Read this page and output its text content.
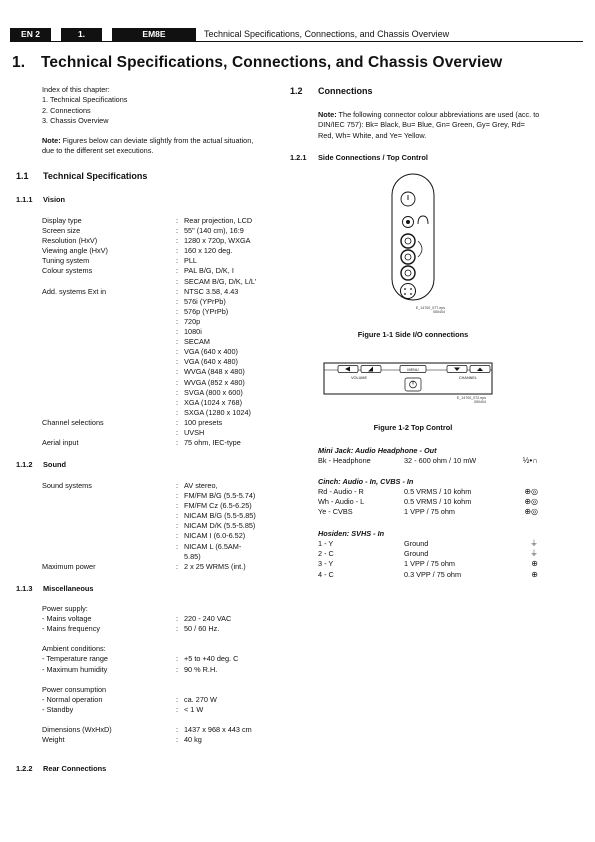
EN 2	1.	EM8E	Technical Specifications, Connections, and Chassis Overview
1. Technical Specifications, Connections, and Chassis Overview
Index of this chapter:
1. Technical Specifications
2. Connections
3. Chassis Overview
Note: Figures below can deviate slightly from the actual situation, due to the different set executions.
1.1 Technical Specifications
1.1.1 Vision
Display type	: Rear projection, LCD
Screen size	: 55" (140 cm), 16:9
Resolution (HxV)	: 1280 x 720p, WXGA
Viewing angle (HxV)	: 160 x 120 deg.
Tuning system	: PLL
Colour systems	: PAL B/G, D/K, I
: SECAM B/G, D/K, L/L'
Add. systems Ext in	: NTSC 3.58, 4.43
: 576i (YPrPb)
: 576p (YPrPb)
: 720p
: 1080i
: SECAM
: VGA (640 x 400)
: VGA (640 x 480)
: WVGA (848 x 480)
: WVGA (852 x 480)
: SVGA (800 x 600)
: XGA (1024 x 768)
: SXGA (1280 x 1024)
Channel selections	: 100 presets
: UVSH
Aerial input	: 75 ohm, IEC-type
1.1.2 Sound
Sound systems	: AV stereo,
: FM/FM B/G (5.5-5.74)
: FM/FM Cz (6.5-6.25)
: NICAM B/G (5.5-5.85)
: NICAM D/K (5.5-5.85)
: NICAM I (6.0-6.52)
: NICAM L (6.5AM-
5.85)
Maximum power	: 2 x 25 WRMS (int.)
1.1.3 Miscellaneous
Power supply:
- Mains voltage	: 220 - 240 VAC
- Mains frequency	: 50 / 60 Hz.
Ambient conditions:
- Temperature range	: +5 to +40 deg. C
- Maximum humidity	: 90 % R.H.
Power consumption
- Normal operation	: ca. 270 W
- Standby	: < 1 W
Dimensions (WxHxD)	: 1437 x 968 x 443 cm
Weight	: 40 kg
1.2.2 Rear Connections
1.2 Connections
Note: The following connector colour abbreviations are used (acc. to DIN/IEC 757): Bk= Black, Bu= Blue, Gn= Green, Gy= Grey, Rd= Red, Wh= White, and Ye= Yellow.
1.2.1 Side Connections / Top Control
· · ·
· · ·
E_14700_077.eps
050404
Figure 1-1 Side I/O connections
VOLUME
MENU
CHANNEL
E_14700_072.eps
050404
Figure 1-2 Top Control
Mini Jack: Audio Headphone - Out
Bk - Headphone	32 - 600 ohm / 10 mW	½•∩
Cinch: Audio - In, CVBS - In
Rd - Audio - R	0.5 VRMS / 10 kohm	⊕◎
Wh - Audio - L	0.5 VRMS / 10 kohm	⊕◎
Ye - CVBS	1 VPP / 75 ohm	⊕◎
Hosiden: SVHS - In
1 - Y	Ground	⏚
2 - C	Ground	⏚
3 - Y	1 VPP / 75 ohm	⊕
4 - C	0.3 VPP / 75 ohm	⊕
